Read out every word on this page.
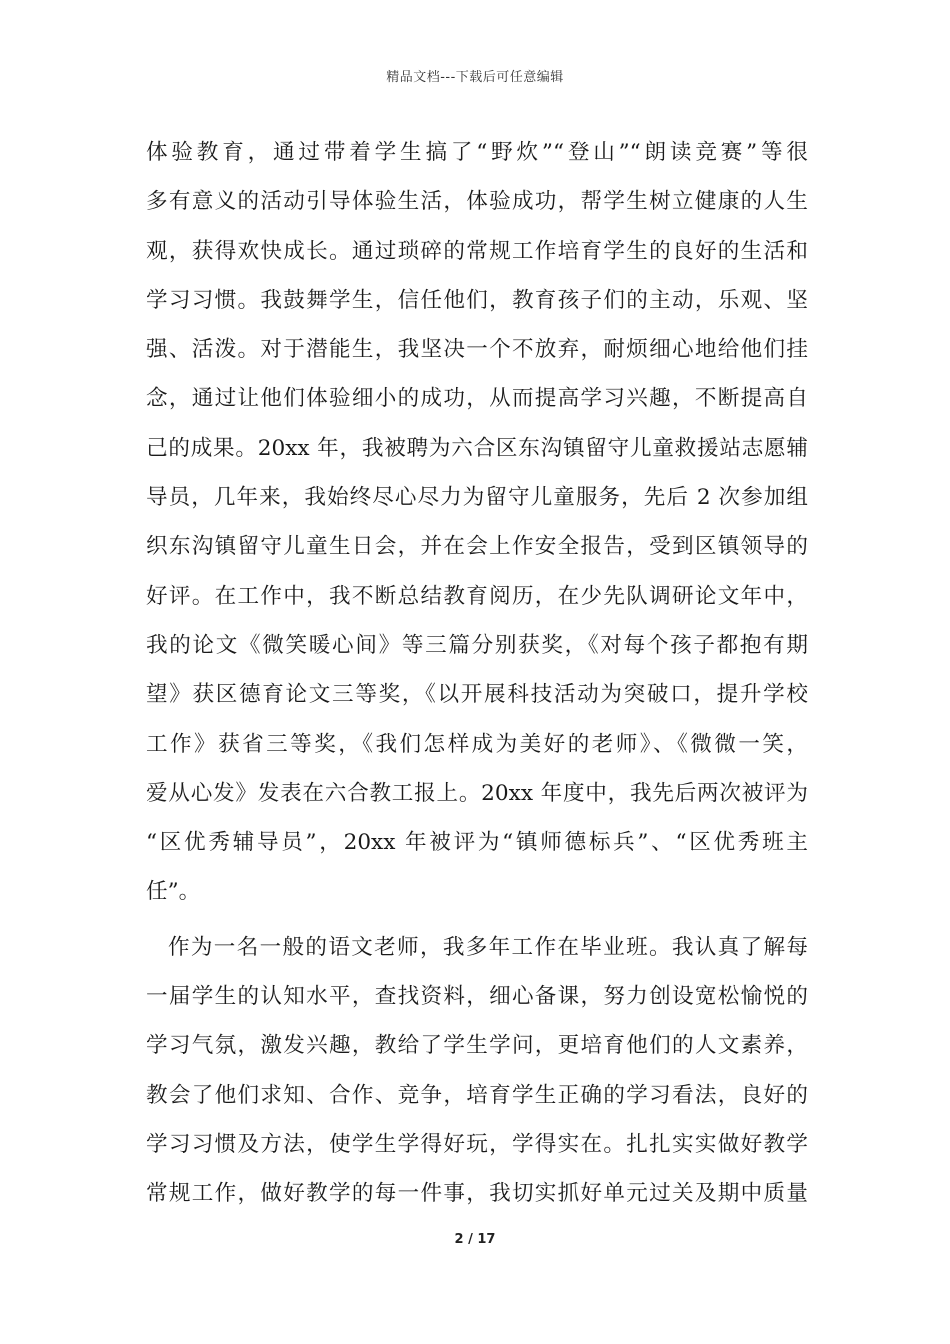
精品文档---下载后可任意编辑
体验教育，通过带着学生搞了“野炊”“登山”“朗读竞赛”等很
多有意义的活动引导体验生活，体验成功，帮学生树立健康的人生
观，获得欢快成长。通过琐碎的常规工作培育学生的良好的生活和
学习习惯。我鼓舞学生，信任他们，教育孩子们的主动，乐观、坚
强、活泼。对于潜能生，我坚决一个不放弃，耐烦细心地给他们挂
念，通过让他们体验细小的成功，从而提高学习兴趣，不断提高自
己的成果。20xx 年，我被聘为六合区东沟镇留守儿童救援站志愿辅
导员，几年来，我始终尽心尽力为留守儿童服务，先后 2 次参加组
织东沟镇留守儿童生日会，并在会上作安全报告，受到区镇领导的
好评。在工作中，我不断总结教育阅历，在少先队调研论文年中，
我的论文《微笑暖心间》等三篇分别获奖，《对每个孩子都抱有期
望》获区德育论文三等奖，《以开展科技活动为突破口，提升学校
工作》获省三等奖，《我们怎样成为美好的老师》、《微微一笑，
爱从心发》发表在六合教工报上。20xx 年度中，我先后两次被评为
“区优秀辅导员”，20xx 年被评为“镇师德标兵”、“区优秀班主
任”。
作为一名一般的语文老师，我多年工作在毕业班。我认真了解每
一届学生的认知水平，查找资料，细心备课，努力创设宽松愉悦的
学习气氛，激发兴趣，教给了学生学问，更培育他们的人文素养，
教会了他们求知、合作、竞争，培育学生正确的学习看法，良好的
学习习惯及方法，使学生学得好玩，学得实在。扎扎实实做好教学
常规工作，做好教学的每一件事，我切实抓好单元过关及期中质量
2 / 17
